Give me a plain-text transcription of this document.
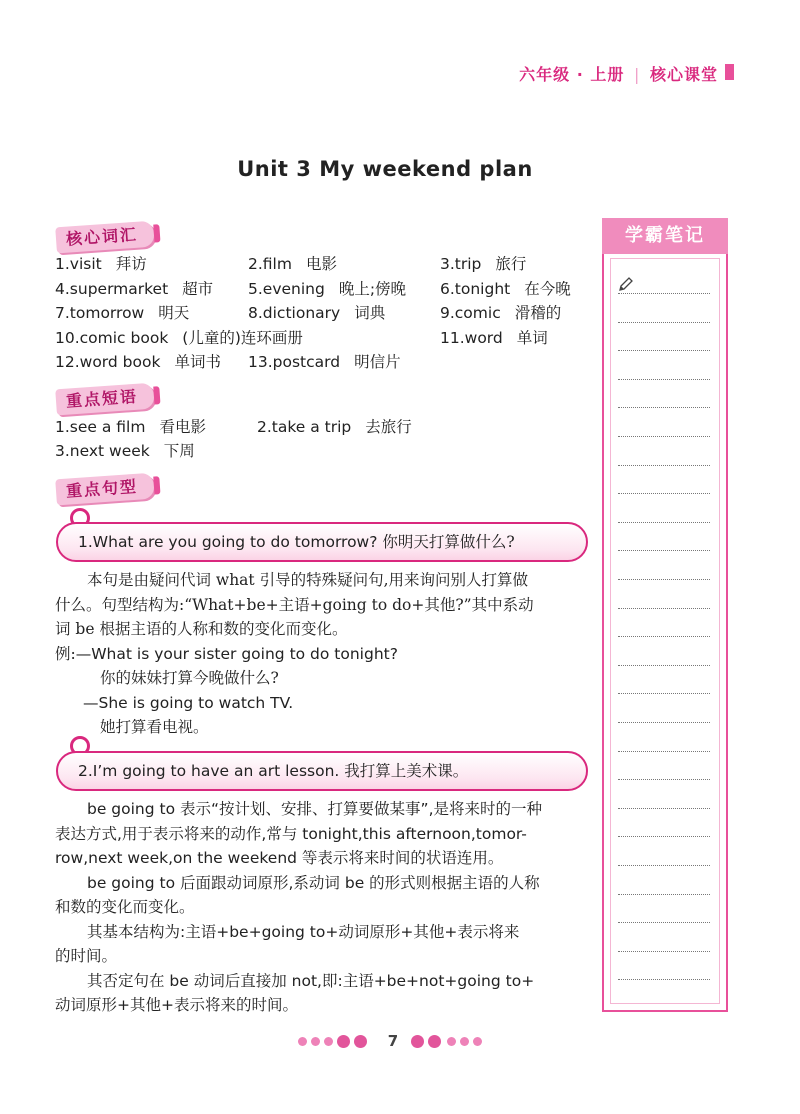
六年级 · 上册 | 核心课堂
Unit 3 My weekend plan
核心词汇
1.visit 拜访	2.film 电影	3.trip 旅行
4.supermarket 超市 5.evening 晚上;傍晚 6.tonight 在今晚
7.tomorrow 明天	8.dictionary 词典	9.comic 滑稽的
10.comic book (儿童的)连环画册	11.word 单词
12.word book 单词书 13.postcard 明信片
重点短语
1.see a film 看电影	2.take a trip 去旅行
3.next week 下周
重点句型
1.What are you going to do tomorrow? 你明天打算做什么?
本句是由疑问代词 what 引导的特殊疑问句,用来询问别人打算做
什么。句型结构为:“What+be+主语+going to do+其他?”其中系动
词 be 根据主语的人称和数的变化而变化。
例:—What is your sister going to do tonight?
你的妹妹打算今晚做什么?
—She is going to watch TV.
她打算看电视。
2.I’m going to have an art lesson. 我打算上美术课。
be going to 表示“按计划、安排、打算要做某事”,是将来时的一种
表达方式,用于表示将来的动作,常与 tonight,this afternoon,tomor-
row,next week,on the weekend 等表示将来时间的状语连用。
be going to 后面跟动词原形,系动词 be 的形式则根据主语的人称
和数的变化而变化。
其基本结构为:主语+be+going to+动词原形+其他+表示将来
的时间。
其否定句在 be 动词后直接加 not,即:主语+be+not+going to+
动词原形+其他+表示将来的时间。
学霸笔记
7
